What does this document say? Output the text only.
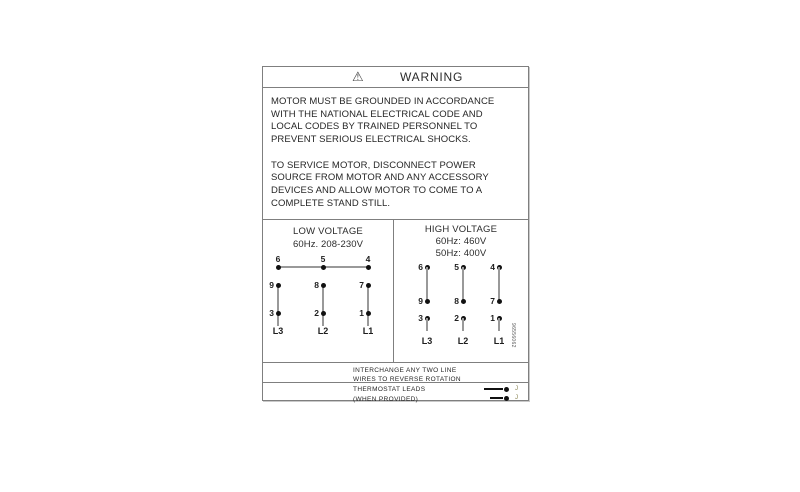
⚠	WARNING
MOTOR MUST BE GROUNDED IN ACCORDANCE
WITH THE NATIONAL ELECTRICAL CODE AND
LOCAL CODES BY TRAINED PERSONNEL TO
PREVENT SERIOUS ELECTRICAL SHOCKS.
TO SERVICE MOTOR, DISCONNECT POWER
SOURCE FROM MOTOR AND ANY ACCESSORY
DEVICES AND ALLOW MOTOR TO COME TO A
COMPLETE STAND STILL.
LOW VOLTAGE
60Hz. 208-230V
6	5	4
9	8	7
3	2	1
L3	L2	L1
HIGH VOLTAGE
60Hz: 460V
50Hz: 400V
6	5	4
9	8	7
3	2	1
L3	L2	L1	96556062
INTERCHANGE ANY TWO LINE
WIRES TO REVERSE ROTATION
THERMOSTAT LEADS
(WHEN PROVIDED)
J
J
